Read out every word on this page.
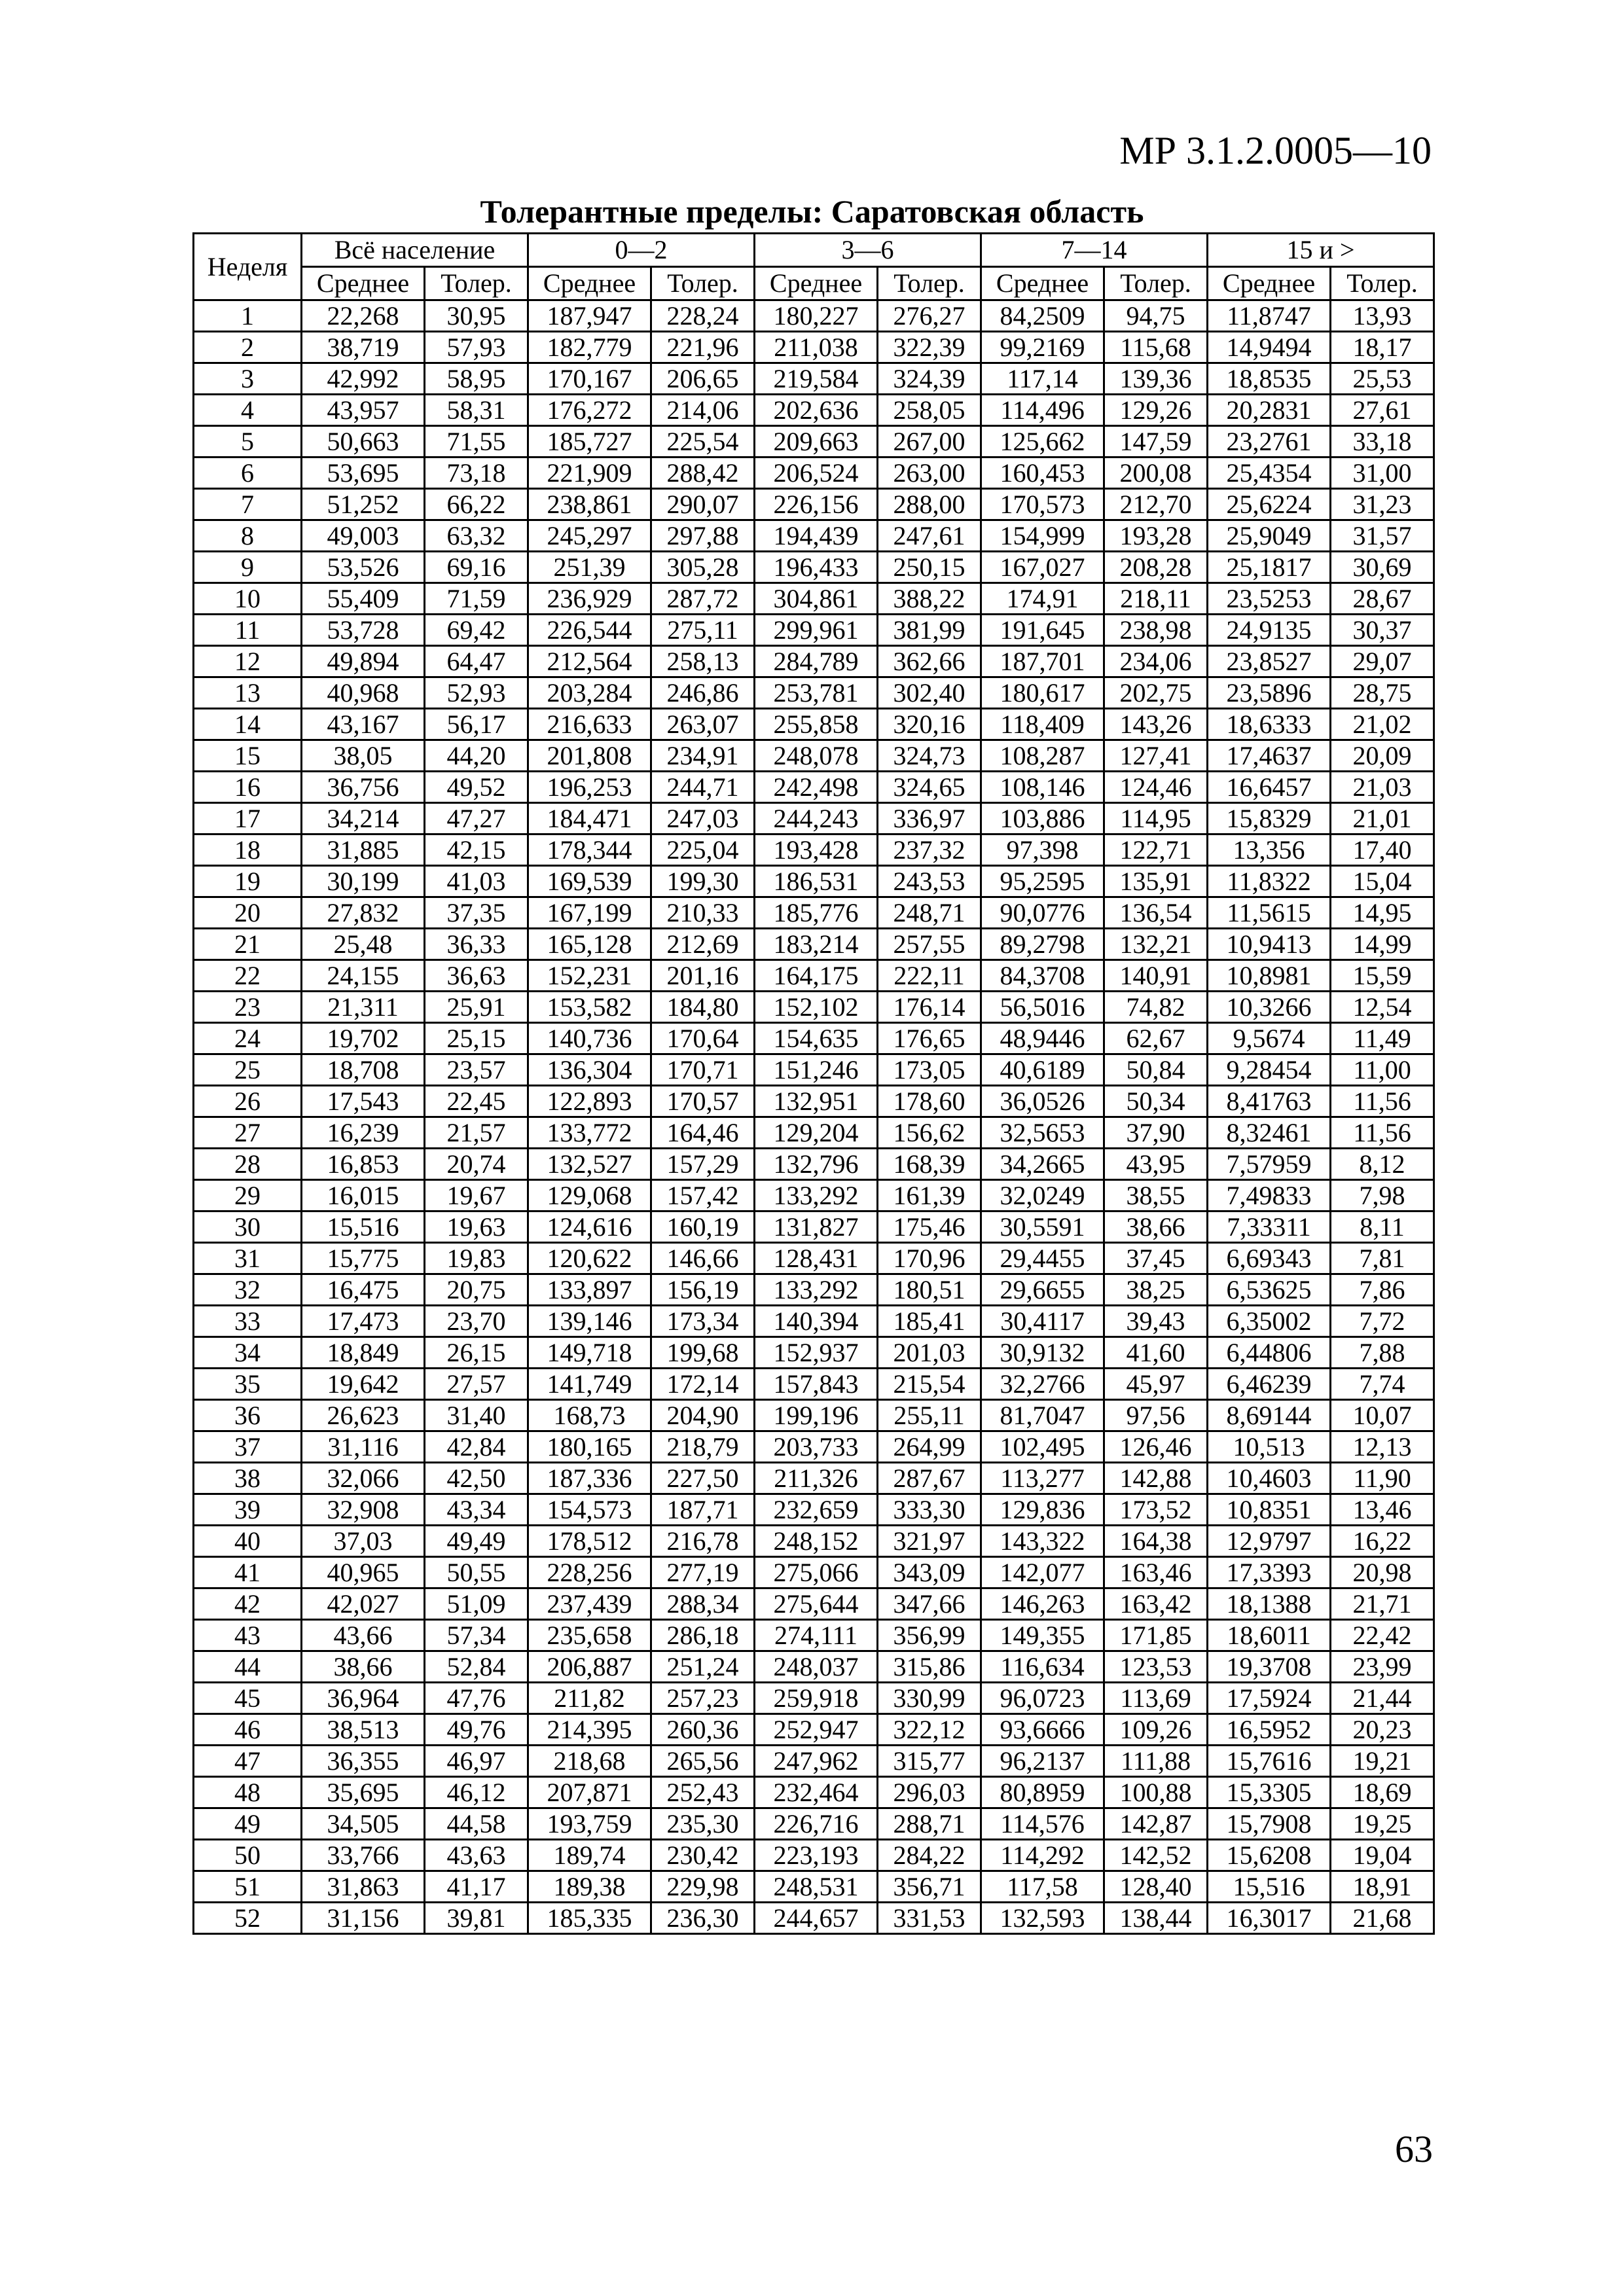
МР 3.1.2.0005—10
Толерантные пределы: Саратовская область
Неделя	Всё население		0—2		3—6		7—14		15 и >	
	Среднее	Толер.	Среднее	Толер.	Среднее	Толер.	Среднее	Толер.	Среднее	Толер.
1	22,268	30,95	187,947	228,24	180,227	276,27	84,2509	94,75	11,8747	13,93
2	38,719	57,93	182,779	221,96	211,038	322,39	99,2169	115,68	14,9494	18,17
3	42,992	58,95	170,167	206,65	219,584	324,39	117,14	139,36	18,8535	25,53
4	43,957	58,31	176,272	214,06	202,636	258,05	114,496	129,26	20,2831	27,61
5	50,663	71,55	185,727	225,54	209,663	267,00	125,662	147,59	23,2761	33,18
6	53,695	73,18	221,909	288,42	206,524	263,00	160,453	200,08	25,4354	31,00
7	51,252	66,22	238,861	290,07	226,156	288,00	170,573	212,70	25,6224	31,23
8	49,003	63,32	245,297	297,88	194,439	247,61	154,999	193,28	25,9049	31,57
9	53,526	69,16	251,39	305,28	196,433	250,15	167,027	208,28	25,1817	30,69
10	55,409	71,59	236,929	287,72	304,861	388,22	174,91	218,11	23,5253	28,67
11	53,728	69,42	226,544	275,11	299,961	381,99	191,645	238,98	24,9135	30,37
12	49,894	64,47	212,564	258,13	284,789	362,66	187,701	234,06	23,8527	29,07
13	40,968	52,93	203,284	246,86	253,781	302,40	180,617	202,75	23,5896	28,75
14	43,167	56,17	216,633	263,07	255,858	320,16	118,409	143,26	18,6333	21,02
15	38,05	44,20	201,808	234,91	248,078	324,73	108,287	127,41	17,4637	20,09
16	36,756	49,52	196,253	244,71	242,498	324,65	108,146	124,46	16,6457	21,03
17	34,214	47,27	184,471	247,03	244,243	336,97	103,886	114,95	15,8329	21,01
18	31,885	42,15	178,344	225,04	193,428	237,32	97,398	122,71	13,356	17,40
19	30,199	41,03	169,539	199,30	186,531	243,53	95,2595	135,91	11,8322	15,04
20	27,832	37,35	167,199	210,33	185,776	248,71	90,0776	136,54	11,5615	14,95
21	25,48	36,33	165,128	212,69	183,214	257,55	89,2798	132,21	10,9413	14,99
22	24,155	36,63	152,231	201,16	164,175	222,11	84,3708	140,91	10,8981	15,59
23	21,311	25,91	153,582	184,80	152,102	176,14	56,5016	74,82	10,3266	12,54
24	19,702	25,15	140,736	170,64	154,635	176,65	48,9446	62,67	9,5674	11,49
25	18,708	23,57	136,304	170,71	151,246	173,05	40,6189	50,84	9,28454	11,00
26	17,543	22,45	122,893	170,57	132,951	178,60	36,0526	50,34	8,41763	11,56
27	16,239	21,57	133,772	164,46	129,204	156,62	32,5653	37,90	8,32461	11,56
28	16,853	20,74	132,527	157,29	132,796	168,39	34,2665	43,95	7,57959	8,12
29	16,015	19,67	129,068	157,42	133,292	161,39	32,0249	38,55	7,49833	7,98
30	15,516	19,63	124,616	160,19	131,827	175,46	30,5591	38,66	7,33311	8,11
31	15,775	19,83	120,622	146,66	128,431	170,96	29,4455	37,45	6,69343	7,81
32	16,475	20,75	133,897	156,19	133,292	180,51	29,6655	38,25	6,53625	7,86
33	17,473	23,70	139,146	173,34	140,394	185,41	30,4117	39,43	6,35002	7,72
34	18,849	26,15	149,718	199,68	152,937	201,03	30,9132	41,60	6,44806	7,88
35	19,642	27,57	141,749	172,14	157,843	215,54	32,2766	45,97	6,46239	7,74
36	26,623	31,40	168,73	204,90	199,196	255,11	81,7047	97,56	8,69144	10,07
37	31,116	42,84	180,165	218,79	203,733	264,99	102,495	126,46	10,513	12,13
38	32,066	42,50	187,336	227,50	211,326	287,67	113,277	142,88	10,4603	11,90
39	32,908	43,34	154,573	187,71	232,659	333,30	129,836	173,52	10,8351	13,46
40	37,03	49,49	178,512	216,78	248,152	321,97	143,322	164,38	12,9797	16,22
41	40,965	50,55	228,256	277,19	275,066	343,09	142,077	163,46	17,3393	20,98
42	42,027	51,09	237,439	288,34	275,644	347,66	146,263	163,42	18,1388	21,71
43	43,66	57,34	235,658	286,18	274,111	356,99	149,355	171,85	18,6011	22,42
44	38,66	52,84	206,887	251,24	248,037	315,86	116,634	123,53	19,3708	23,99
45	36,964	47,76	211,82	257,23	259,918	330,99	96,0723	113,69	17,5924	21,44
46	38,513	49,76	214,395	260,36	252,947	322,12	93,6666	109,26	16,5952	20,23
47	36,355	46,97	218,68	265,56	247,962	315,77	96,2137	111,88	15,7616	19,21
48	35,695	46,12	207,871	252,43	232,464	296,03	80,8959	100,88	15,3305	18,69
49	34,505	44,58	193,759	235,30	226,716	288,71	114,576	142,87	15,7908	19,25
50	33,766	43,63	189,74	230,42	223,193	284,22	114,292	142,52	15,6208	19,04
51	31,863	41,17	189,38	229,98	248,531	356,71	117,58	128,40	15,516	18,91
52	31,156	39,81	185,335	236,30	244,657	331,53	132,593	138,44	16,3017	21,68
63
